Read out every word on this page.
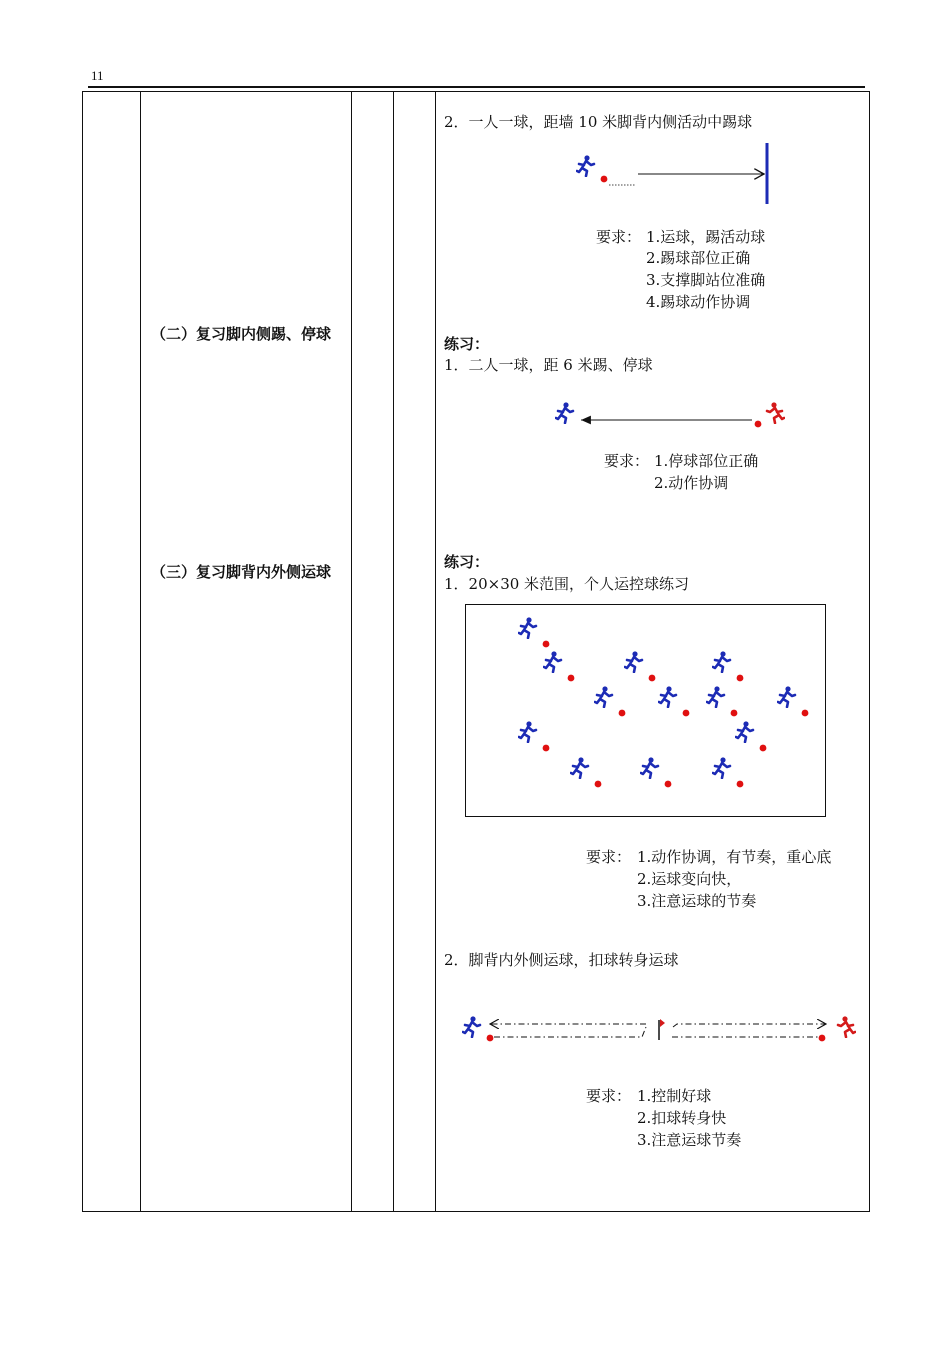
11
（二）复习脚内侧踢、停球
（三）复习脚背内外侧运球
2．一人一球，距墙 10 米脚背内侧活动中踢球
要求： 1.运球，踢活动球
2.踢球部位正确
3.支撑脚站位准确
4.踢球动作协调
练习：
1．二人一球，距 6 米踢、停球
要求： 1.停球部位正确
2.动作协调
练习：
1．20×30 米范围，个人运控球练习
要求： 1.动作协调，有节奏，重心底
2.运球变向快，
3.注意运球的节奏
2．脚背内外侧运球，扣球转身运球
要求： 1.控制好球
2.扣球转身快
3.注意运球节奏
